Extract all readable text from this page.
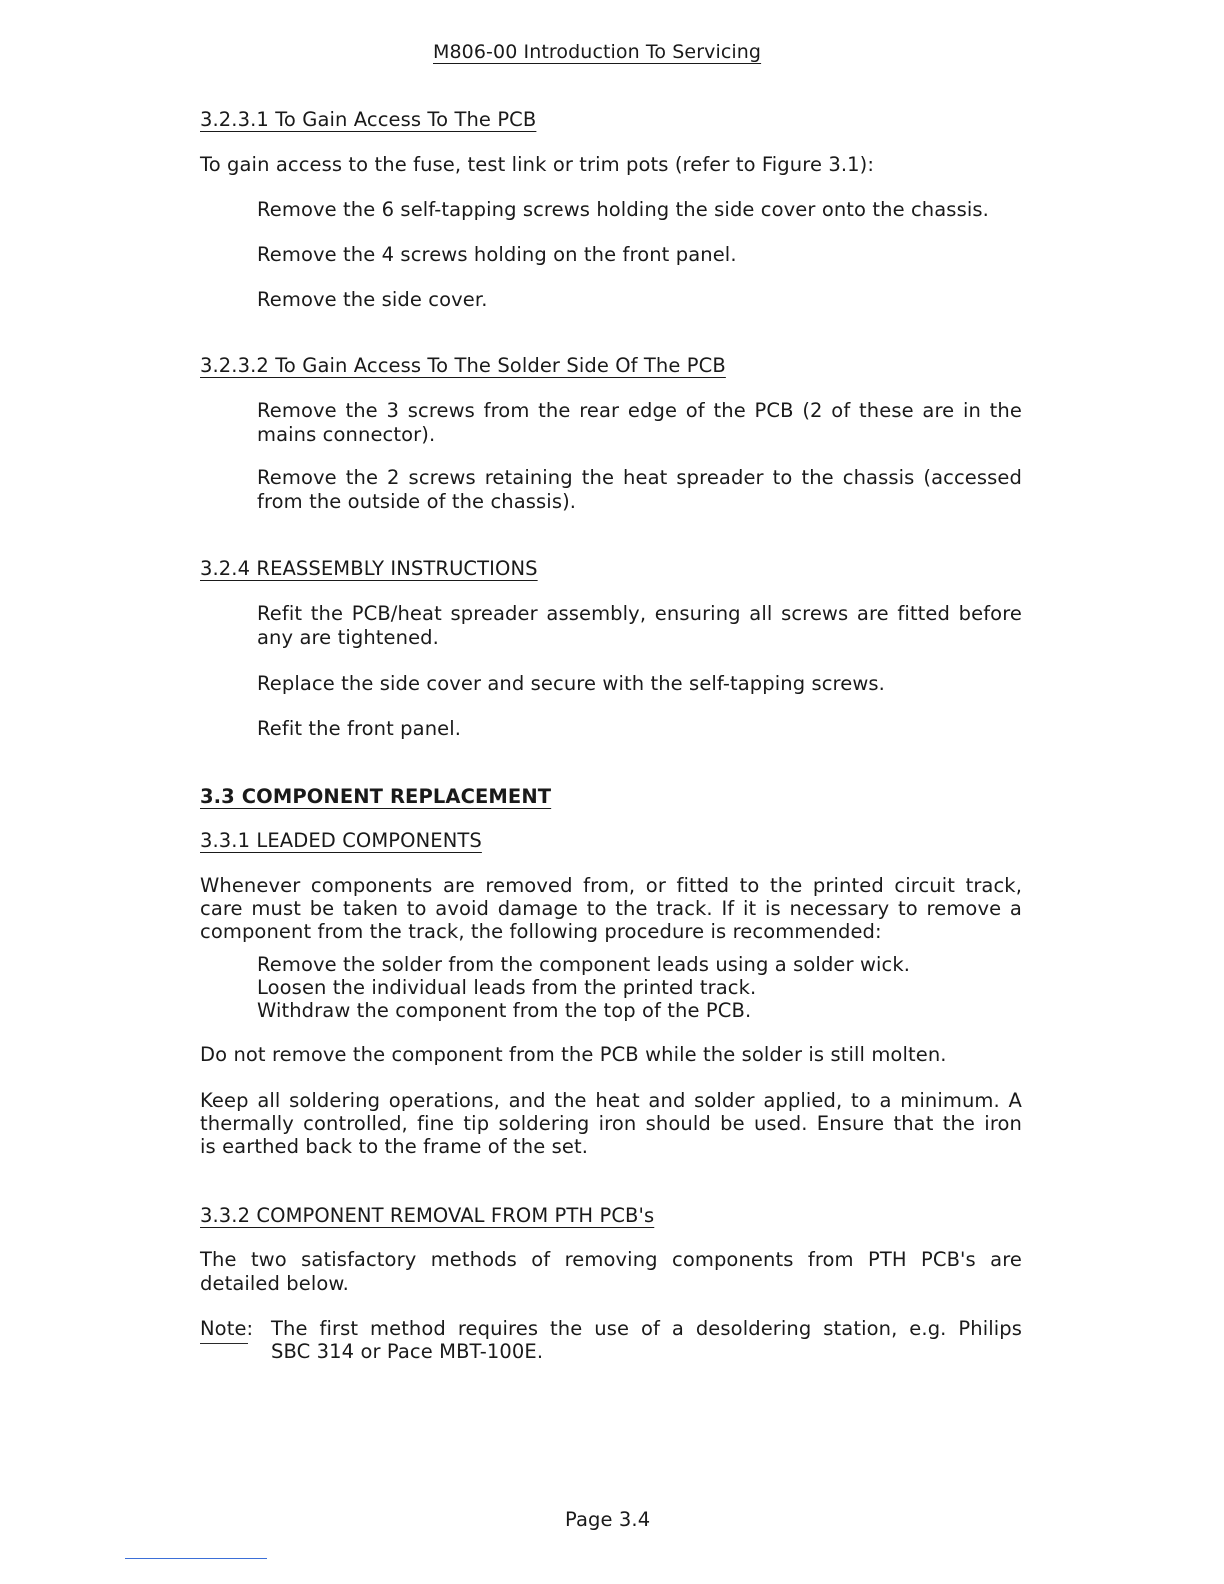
M806-00 Introduction To Servicing
3.2.3.1 To Gain Access To The PCB
To gain access to the fuse, test link or trim pots (refer to Figure 3.1):
Remove the 6 self-tapping screws holding the side cover onto the chassis.
Remove the 4 screws holding on the front panel.
Remove the side cover.
3.2.3.2 To Gain Access To The Solder Side Of The PCB
Remove the 3 screws from the rear edge of the PCB (2 of these are in the
mains connector).
Remove the 2 screws retaining the heat spreader to the chassis (accessed
from the outside of the chassis).
3.2.4 REASSEMBLY INSTRUCTIONS
Refit the PCB/heat spreader assembly, ensuring all screws are fitted before
any are tightened.
Replace the side cover and secure with the self-tapping screws.
Refit the front panel.
3.3 COMPONENT REPLACEMENT
3.3.1 LEADED COMPONENTS
Whenever components are removed from, or fitted to the printed circuit track,
care must be taken to avoid damage to the track. If it is necessary to remove a
component from the track, the following procedure is recommended:
Remove the solder from the component leads using a solder wick.
Loosen the individual leads from the printed track.
Withdraw the component from the top of the PCB.
Do not remove the component from the PCB while the solder is still molten.
Keep all soldering operations, and the heat and solder applied, to a minimum. A
thermally controlled, fine tip soldering iron should be used. Ensure that the iron
is earthed back to the frame of the set.
3.3.2 COMPONENT REMOVAL FROM PTH PCB's
The two satisfactory methods of removing components from PTH PCB's are
detailed below.
Note: The first method requires the use of a desoldering station, e.g. Philips
SBC 314 or Pace MBT-100E.
Page 3.4
